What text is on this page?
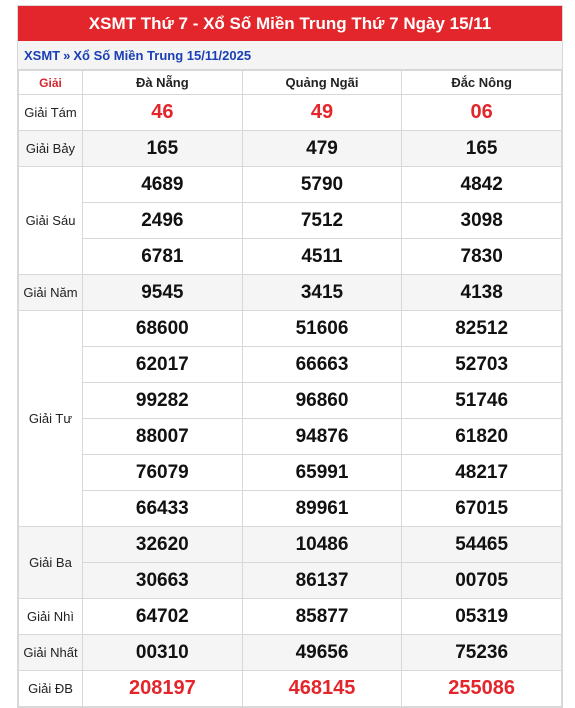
XSMT Thứ 7 - Xổ Số Miền Trung Thứ 7 Ngày 15/11
XSMT » Xổ Số Miền Trung 15/11/2025
Giải	Đà Nẵng	Quảng Ngãi	Đắc Nông
Giải Tám	46	49	06
Giải Bảy	165	479	165
Giải Sáu	4689	5790	4842
	2496	7512	3098
	6781	4511	7830
Giải Năm	9545	3415	4138
Giải Tư	68600	51606	82512
	62017	66663	52703
	99282	96860	51746
	88007	94876	61820
	76079	65991	48217
	66433	89961	67015
Giải Ba	32620	10486	54465
	30663	86137	00705
Giải Nhì	64702	85877	05319
Giải Nhất	00310	49656	75236
Giải ĐB	208197	468145	255086
